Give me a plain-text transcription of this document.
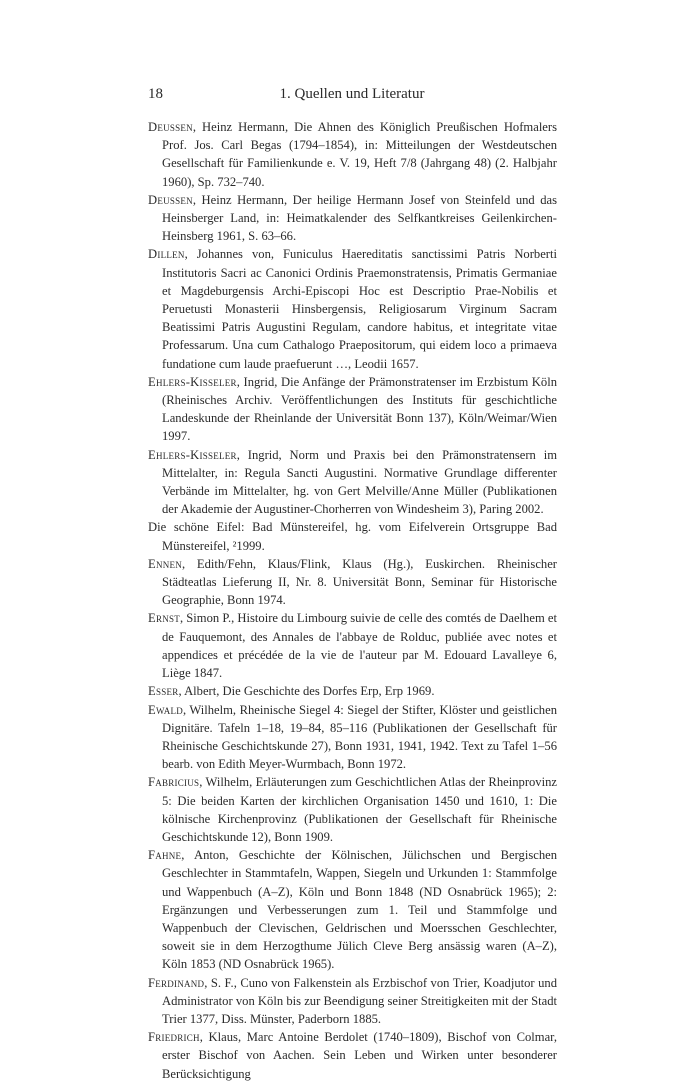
18	1. Quellen und Literatur

Deussen, Heinz Hermann, Die Ahnen des Königlich Preußischen Hofmalers Prof. Jos. Carl Begas (1794–1854), in: Mitteilungen der Westdeutschen Gesellschaft für Familienkunde e. V. 19, Heft 7/8 (Jahrgang 48) (2. Halbjahr 1960), Sp. 732–740.

Deussen, Heinz Hermann, Der heilige Hermann Josef von Steinfeld und das Heinsberger Land, in: Heimatkalender des Selfkantkreises Geilenkirchen-Heinsberg 1961, S. 63–66.

Dillen, Johannes von, Funiculus Haereditatis sanctissimi Patris Norberti Institutoris Sacri ac Canonici Ordinis Praemonstratensis, Primatis Germaniae et Magdeburgensis Archi-Episcopi Hoc est Descriptio Prae-Nobilis et Peruetusti Monasterii Hinsbergensis, Religiosarum Virginum Sacram Beatissimi Patris Augustini Regulam, candore habitus, et integritate vitae Professarum. Una cum Cathalogo Praepositorum, qui eidem loco a primaeva fundatione cum laude praefuerunt …, Leodii 1657.

Ehlers-Kisseler, Ingrid, Die Anfänge der Prämonstratenser im Erzbistum Köln (Rheinisches Archiv. Veröffentlichungen des Instituts für geschichtliche Landeskunde der Rheinlande der Universität Bonn 137), Köln/Weimar/Wien 1997.

Ehlers-Kisseler, Ingrid, Norm und Praxis bei den Prämonstratensern im Mittelalter, in: Regula Sancti Augustini. Normative Grundlage differenter Verbände im Mittelalter, hg. von Gert Melville/Anne Müller (Publikationen der Akademie der Augustiner-Chorherren von Windesheim 3), Paring 2002.

Die schöne Eifel: Bad Münstereifel, hg. vom Eifelverein Ortsgruppe Bad Münstereifel, ²1999.

Ennen, Edith/Fehn, Klaus/Flink, Klaus (Hg.), Euskirchen. Rheinischer Städteatlas Lieferung II, Nr. 8. Universität Bonn, Seminar für Historische Geographie, Bonn 1974.

Ernst, Simon P., Histoire du Limbourg suivie de celle des comtés de Daelhem et de Fauquemont, des Annales de l'abbaye de Rolduc, publiée avec notes et appendices et précédée de la vie de l'auteur par M. Edouard Lavalleye 6, Liège 1847.

Esser, Albert, Die Geschichte des Dorfes Erp, Erp 1969.

Ewald, Wilhelm, Rheinische Siegel 4: Siegel der Stifter, Klöster und geistlichen Dignitäre. Tafeln 1–18, 19–84, 85–116 (Publikationen der Gesellschaft für Rheinische Geschichtskunde 27), Bonn 1931, 1941, 1942. Text zu Tafel 1–56 bearb. von Edith Meyer-Wurmbach, Bonn 1972.

Fabricius, Wilhelm, Erläuterungen zum Geschichtlichen Atlas der Rheinprovinz 5: Die beiden Karten der kirchlichen Organisation 1450 und 1610, 1: Die kölnische Kirchenprovinz (Publikationen der Gesellschaft für Rheinische Geschichtskunde 12), Bonn 1909.

Fahne, Anton, Geschichte der Kölnischen, Jülichschen und Bergischen Geschlechter in Stammtafeln, Wappen, Siegeln und Urkunden 1: Stammfolge und Wappenbuch (A–Z), Köln und Bonn 1848 (ND Osnabrück 1965); 2: Ergänzungen und Verbesserungen zum 1. Teil und Stammfolge und Wappenbuch der Clevischen, Geldrischen und Moersschen Geschlechter, soweit sie in dem Herzogthume Jülich Cleve Berg ansässig waren (A–Z), Köln 1853 (ND Osnabrück 1965).

Ferdinand, S. F., Cuno von Falkenstein als Erzbischof von Trier, Koadjutor und Administrator von Köln bis zur Beendigung seiner Streitigkeiten mit der Stadt Trier 1377, Diss. Münster, Paderborn 1885.

Friedrich, Klaus, Marc Antoine Berdolet (1740–1809), Bischof von Colmar, erster Bischof von Aachen. Sein Leben und Wirken unter besonderer Berücksichtigung
